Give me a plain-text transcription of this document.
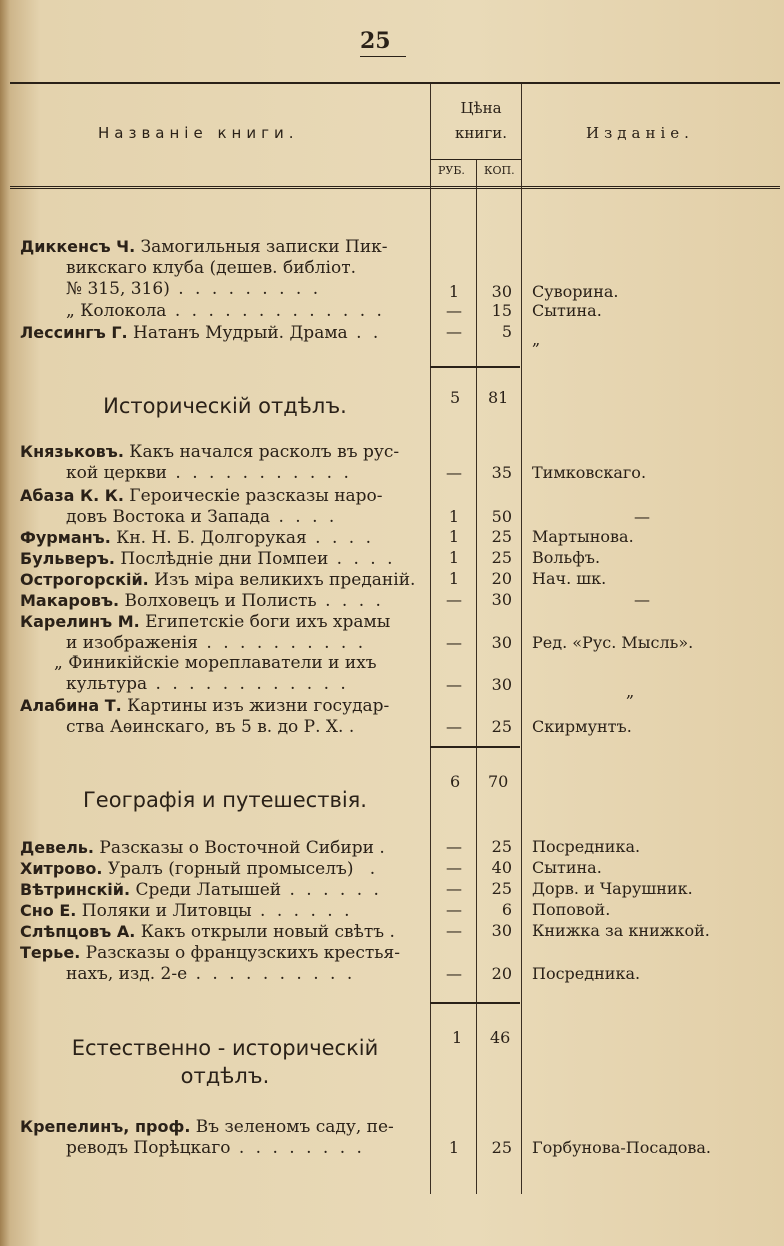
25
Названіе книги.
Цѣна
книги.
РУБ. КОП.
Изданіе.
Диккенсъ Ч. Замогильныя записки Пик-
викскаго клуба (дешев. библіот.
№ 315, 316) . . . . . . . . .	1	30 Суворина.
„ Колокола . . . . . . . . . . . . .	—	15 Сытина.
Лессингъ Г. Натанъ Мудрый. Драма . .	—	5 „
5 81
Историческій отдѣлъ.
Князьковъ. Какъ начался расколъ въ рус-
кой церкви . . . . . . . . . . .	—	35 Тимковскаго.
Абаза К. К. Героическіе разсказы наро-
довъ Востока и Запада . . . .	1	50	—
Фурманъ. Кн. Н. Б. Долгорукая . . . .	1	25 Мартынова.
Бульверъ. Послѣдніе дни Помпеи . . . .	1	25 Вольфъ.
Острогорскій. Изъ міра великихъ преданій.	1	20 Нач. шк.
Макаровъ. Волховецъ и Полисть . . . .	—	30	—
Карелинъ М. Египетскіе боги ихъ храмы
и изображенія . . . . . . . . . .	—	30 Ред. «Рус. Мысль».
„ Финикійскіе мореплаватели и ихъ
культура . . . . . . . . . . . .	—	30	„
Алабина Т. Картины изъ жизни государ-
ства Аѳинскаго, въ 5 в. до Р. Х. .	—	25 Скирмунтъ.
6 70
Географія и путешествія.
Девель. Разсказы о Восточной Сибири .	—	25 Посредника.
Хитрово. Уралъ (горный промыселъ)   .	—	40 Сытина.
Вѣтринскій. Среди Латышей . . . . . .	—	25 Дорв. и Чарушник.
Сно Е. Поляки и Литовцы . . . . . .	—	6 Поповой.
Слѣпцовъ А. Какъ открыли новый свѣтъ .	—	30 Книжка за книжкой.
Терье. Разсказы о французскихъ крестья-
нахъ, изд. 2-е . . . . . . . . . .	—	20 Посредника.
1 46
Естественно - историческій отдѣлъ.
Крепелинъ, проф. Въ зеленомъ саду, пе-
реводъ Порѣцкаго . . . . . . . .	1	25 Горбунова-Посадова.
